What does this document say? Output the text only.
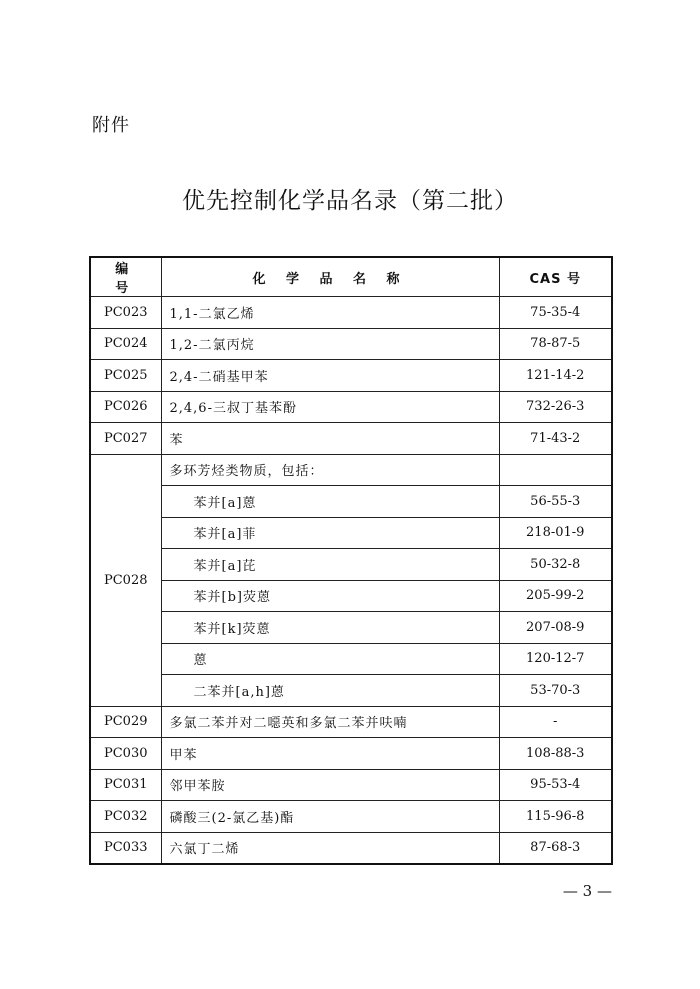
附件
优先控制化学品名录（第二批）
编 号	化 学 品 名 称	CAS 号
PC023	1,1-二氯乙烯	75-35-4
PC024	1,2-二氯丙烷	78-87-5
PC025	2,4-二硝基甲苯	121-14-2
PC026	2,4,6-三叔丁基苯酚	732-26-3
PC027	苯	71-43-2
PC028	多环芳烃类物质，包括：	
	苯并[a]蒽	56-55-3
	苯并[a]菲	218-01-9
	苯并[a]芘	50-32-8
	苯并[b]荧蒽	205-99-2
	苯并[k]荧蒽	207-08-9
	蒽	120-12-7
	二苯并[a,h]蒽	53-70-3
PC029	多氯二苯并对二噁英和多氯二苯并呋喃	-
PC030	甲苯	108-88-3
PC031	邻甲苯胺	95-53-4
PC032	磷酸三(2-氯乙基)酯	115-96-8
PC033	六氯丁二烯	87-68-3
— 3 —
